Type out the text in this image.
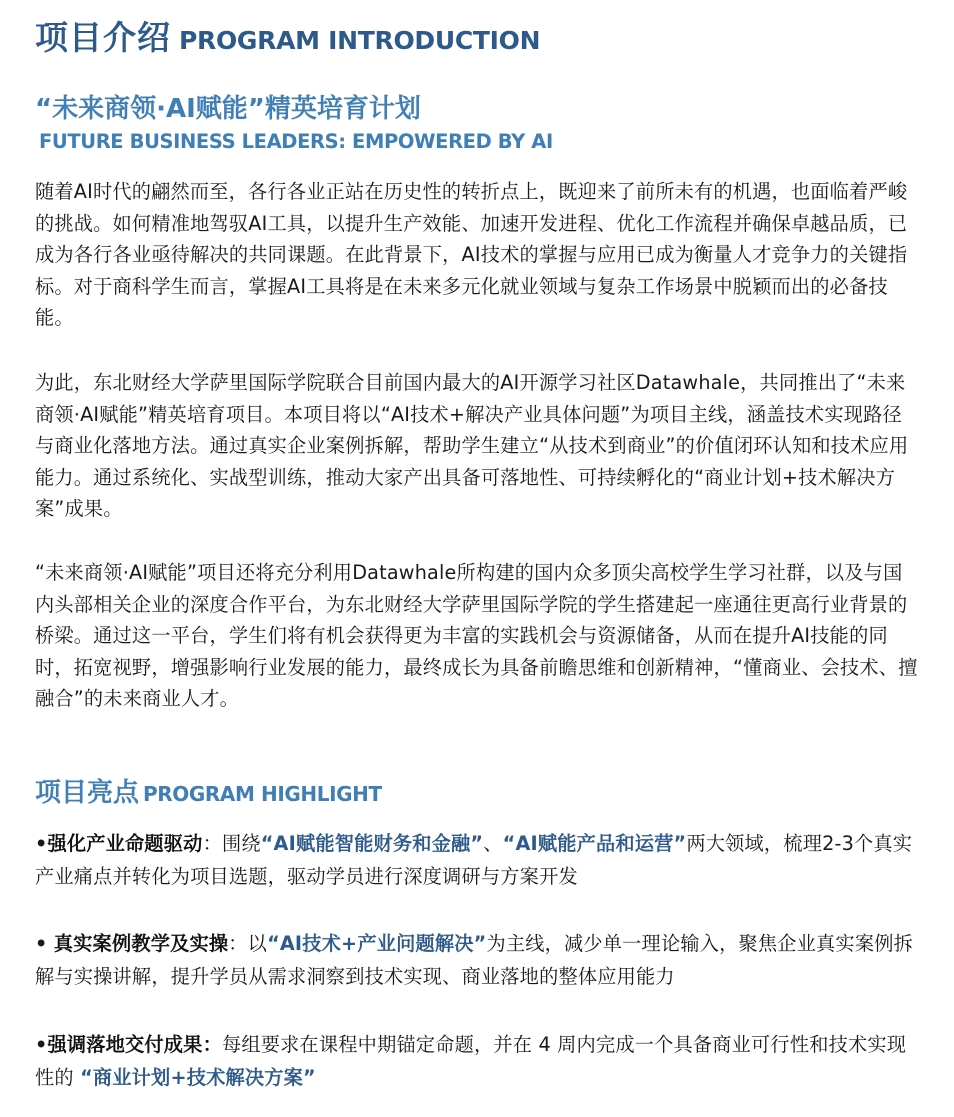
项目介绍 PROGRAM INTRODUCTION
“未来商领·AI赋能”精英培育计划
FUTURE BUSINESS LEADERS: EMPOWERED BY AI

随着AI时代的翩然而至，各行各业正站在历史性的转折点上，既迎来了前所未有的机遇，也面临着严峻的挑战。如何精准地驾驭AI工具，以提升生产效能、加速开发进程、优化工作流程并确保卓越品质，已成为各行各业亟待解决的共同课题。在此背景下，AI技术的掌握与应用已成为衡量人才竞争力的关键指标。对于商科学生而言，掌握AI工具将是在未来多元化就业领域与复杂工作场景中脱颖而出的必备技能。

为此，东北财经大学萨里国际学院联合目前国内最大的AI开源学习社区Datawhale，共同推出了“未来商领·AI赋能”精英培育项目。本项目将以“AI技术+解决产业具体问题”为项目主线，涵盖技术实现路径与商业化落地方法。通过真实企业案例拆解，帮助学生建立“从技术到商业”的价值闭环认知和技术应用能力。通过系统化、实战型训练，推动大家产出具备可落地性、可持续孵化的“商业计划+技术解决方案”成果。

“未来商领·AI赋能”项目还将充分利用Datawhale所构建的国内众多顶尖高校学生学习社群，以及与国内头部相关企业的深度合作平台，为东北财经大学萨里国际学院的学生搭建起一座通往更高行业背景的桥梁。通过这一平台，学生们将有机会获得更为丰富的实践机会与资源储备，从而在提升AI技能的同时，拓宽视野，增强影响行业发展的能力，最终成长为具备前瞻思维和创新精神，“懂商业、会技术、擅融合”的未来商业人才。

项目亮点 PROGRAM HIGHLIGHT

•强化产业命题驱动：围绕“AI赋能智能财务和金融”、“AI赋能产品和运营”两大领域，梳理2-3个真实产业痛点并转化为项目选题，驱动学员进行深度调研与方案开发

• 真实案例教学及实操：以“AI技术+产业问题解决”为主线，减少单一理论输入，聚焦企业真实案例拆解与实操讲解，提升学员从需求洞察到技术实现、商业落地的整体应用能力

•强调落地交付成果：每组要求在课程中期锚定命题，并在 4 周内完成一个具备商业可行性和技术实现性的 “商业计划+技术解决方案”
